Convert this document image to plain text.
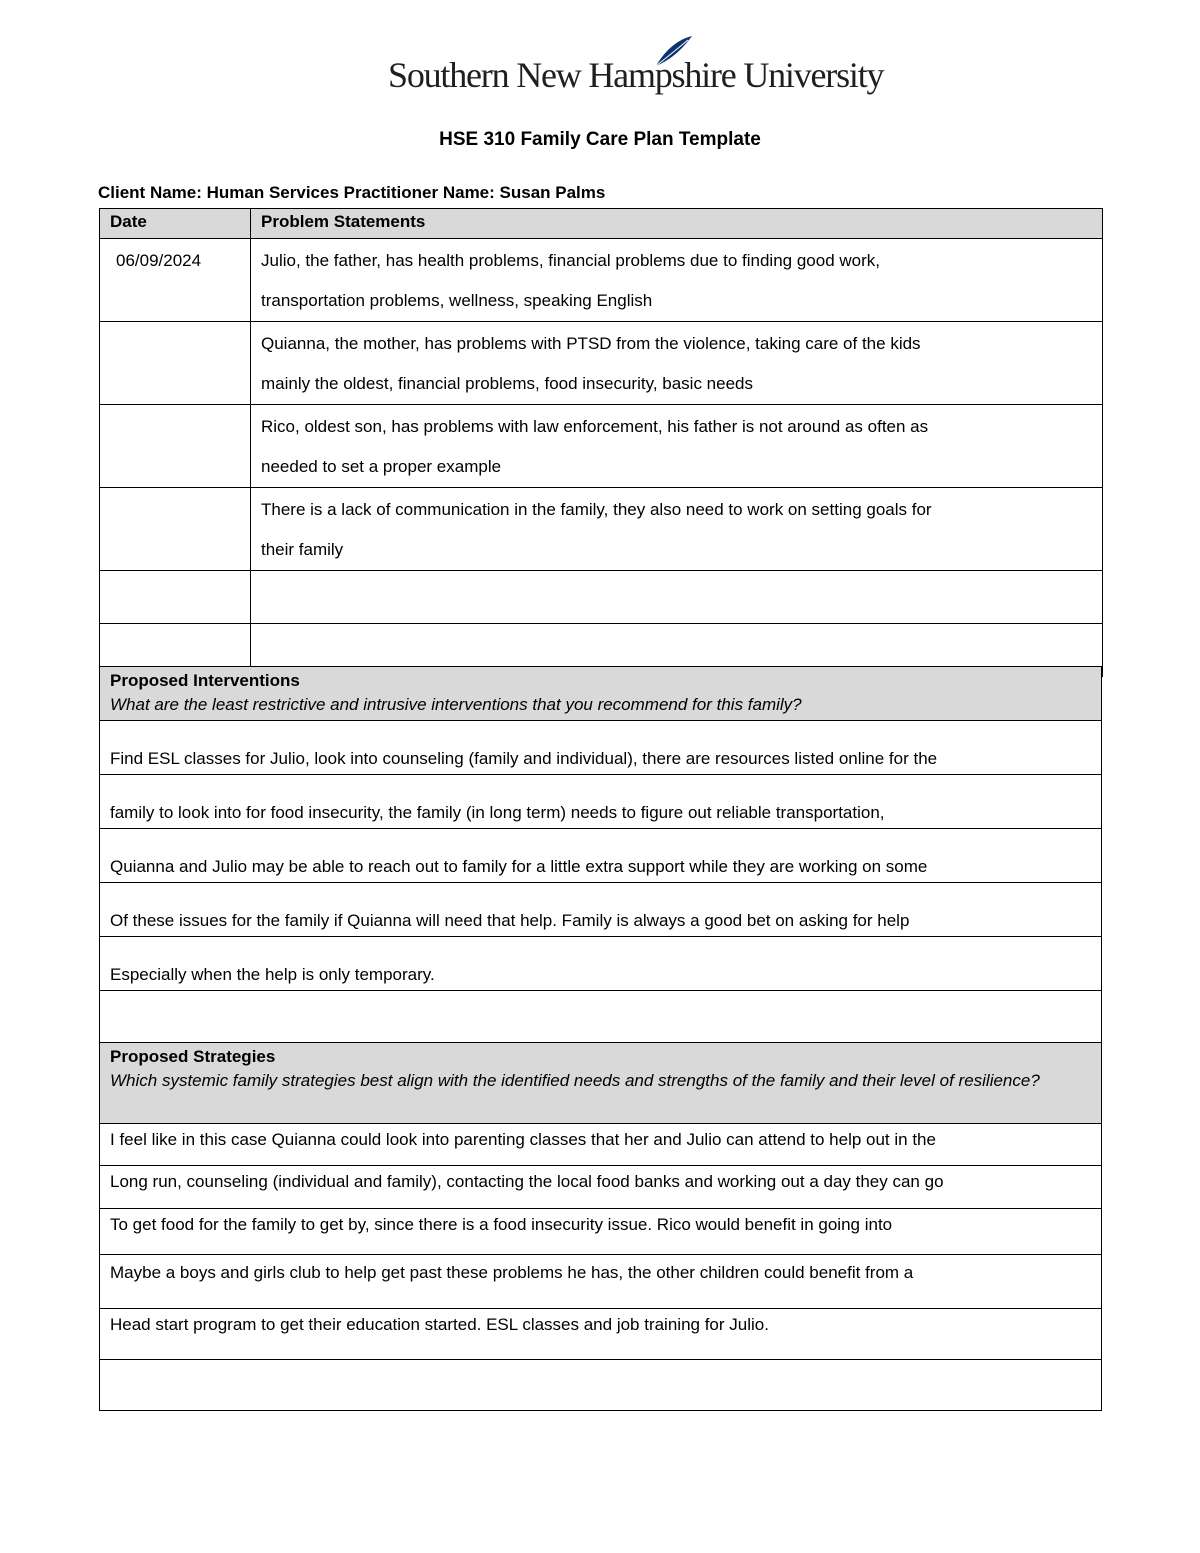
Southern New Hampshire University
HSE 310 Family Care Plan Template
Client Name: Human Services Practitioner Name: Susan Palms
Date	Problem Statements
06/09/2024	Julio, the father, has health problems, financial problems due to finding good work,
transportation problems, wellness, speaking English

	Quianna, the mother, has problems with PTSD from the violence, taking care of the kids
mainly the oldest, financial problems, food insecurity, basic needs

	Rico, oldest son, has problems with law enforcement, his father is not around as often as
needed to set a proper example

	There is a lack of communication in the family, they also need to work on setting goals for
their family

Proposed Interventions
What are the least restrictive and intrusive interventions that you recommend for this family?

Find ESL classes for Julio, look into counseling (family and individual), there are resources listed online for the
family to look into for food insecurity, the family (in long term) needs to figure out reliable transportation,
Quianna and Julio may be able to reach out to family for a little extra support while they are working on some
Of these issues for the family if Quianna will need that help. Family is always a good bet on asking for help
Especially when the help is only temporary.

Proposed Strategies
Which systemic family strategies best align with the identified needs and strengths of the family and their level of resilience?

I feel like in this case Quianna could look into parenting classes that her and Julio can attend to help out in the
Long run, counseling (individual and family), contacting the local food banks and working out a day they can go
To get food for the family to get by, since there is a food insecurity issue. Rico would benefit in going into
Maybe a boys and girls club to help get past these problems he has, the other children could benefit from a
Head start program to get their education started. ESL classes and job training for Julio.
